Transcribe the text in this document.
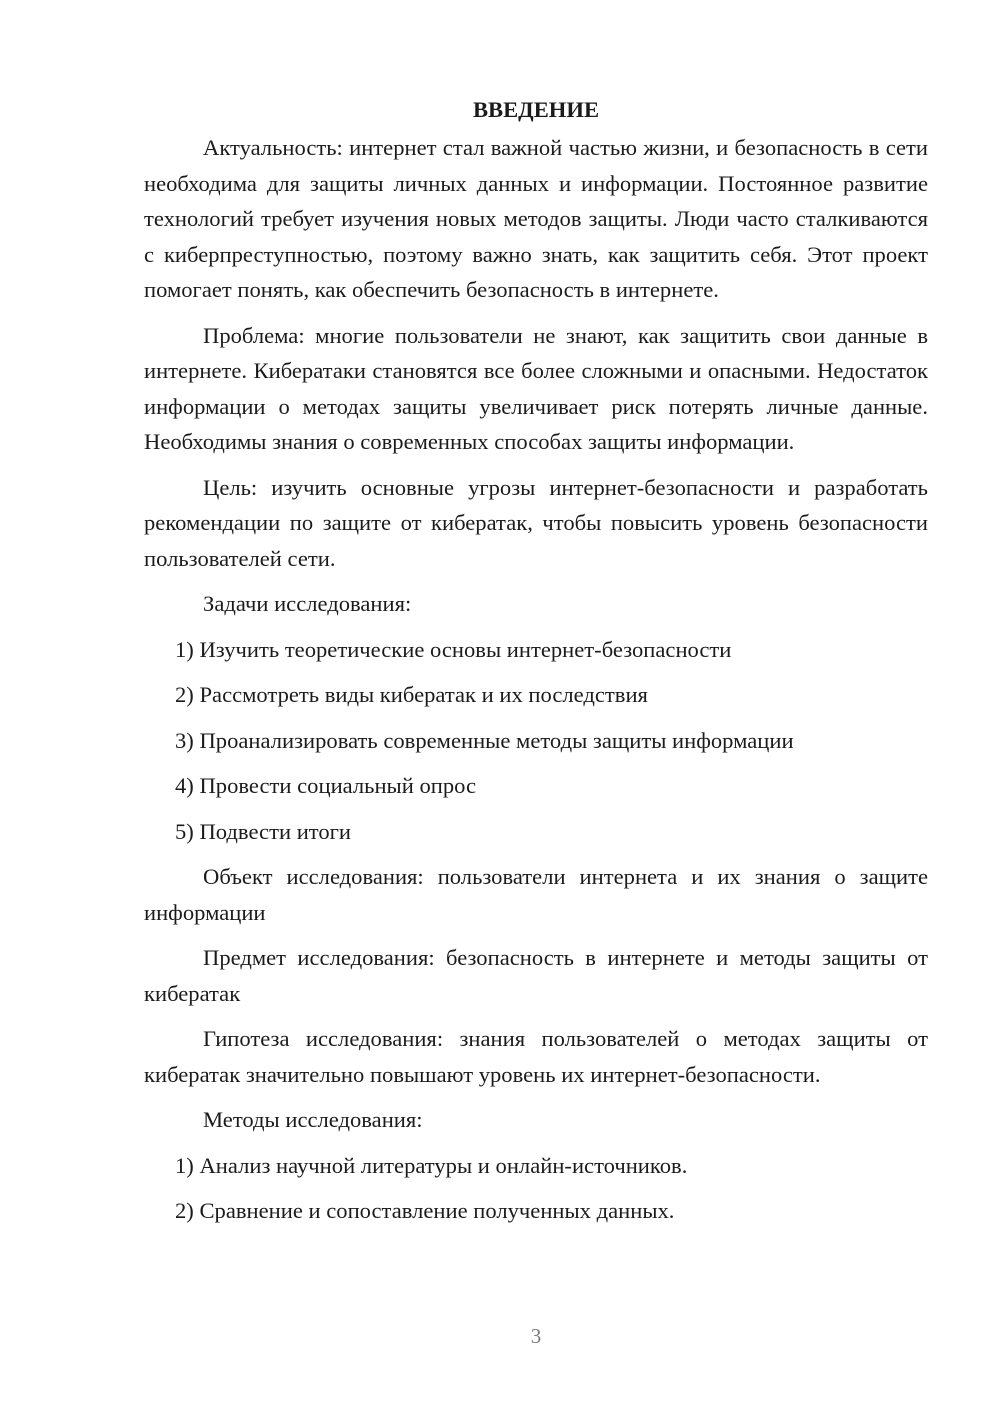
ВВЕДЕНИЕ

Актуальность: интернет стал важной частью жизни, и безопасность в сети необходима для защиты личных данных и информации. Постоянное развитие технологий требует изучения новых методов защиты. Люди часто сталкиваются с киберпреступностью, поэтому важно знать, как защитить себя. Этот проект помогает понять, как обеспечить безопасность в интернете.

Проблема: многие пользователи не знают, как защитить свои данные в интернете. Кибератаки становятся все более сложными и опасными. Недостаток информации о методах защиты увеличивает риск потерять личные данные. Необходимы знания о современных способах защиты информации.

Цель: изучить основные угрозы интернет-безопасности и разработать рекомендации по защите от кибератак, чтобы повысить уровень безопасности пользователей сети.

Задачи исследования:

1) Изучить теоретические основы интернет-безопасности

2) Рассмотреть виды кибератак и их последствия

3) Проанализировать современные методы защиты информации

4) Провести социальный опрос

5) Подвести итоги

Объект исследования: пользователи интернета и их знания о защите информации

Предмет исследования: безопасность в интернете и методы защиты от кибератак

Гипотеза исследования: знания пользователей о методах защиты от кибератак значительно повышают уровень их интернет-безопасности.

Методы исследования:

1) Анализ научной литературы и онлайн-источников.

2) Сравнение и сопоставление полученных данных.

3
